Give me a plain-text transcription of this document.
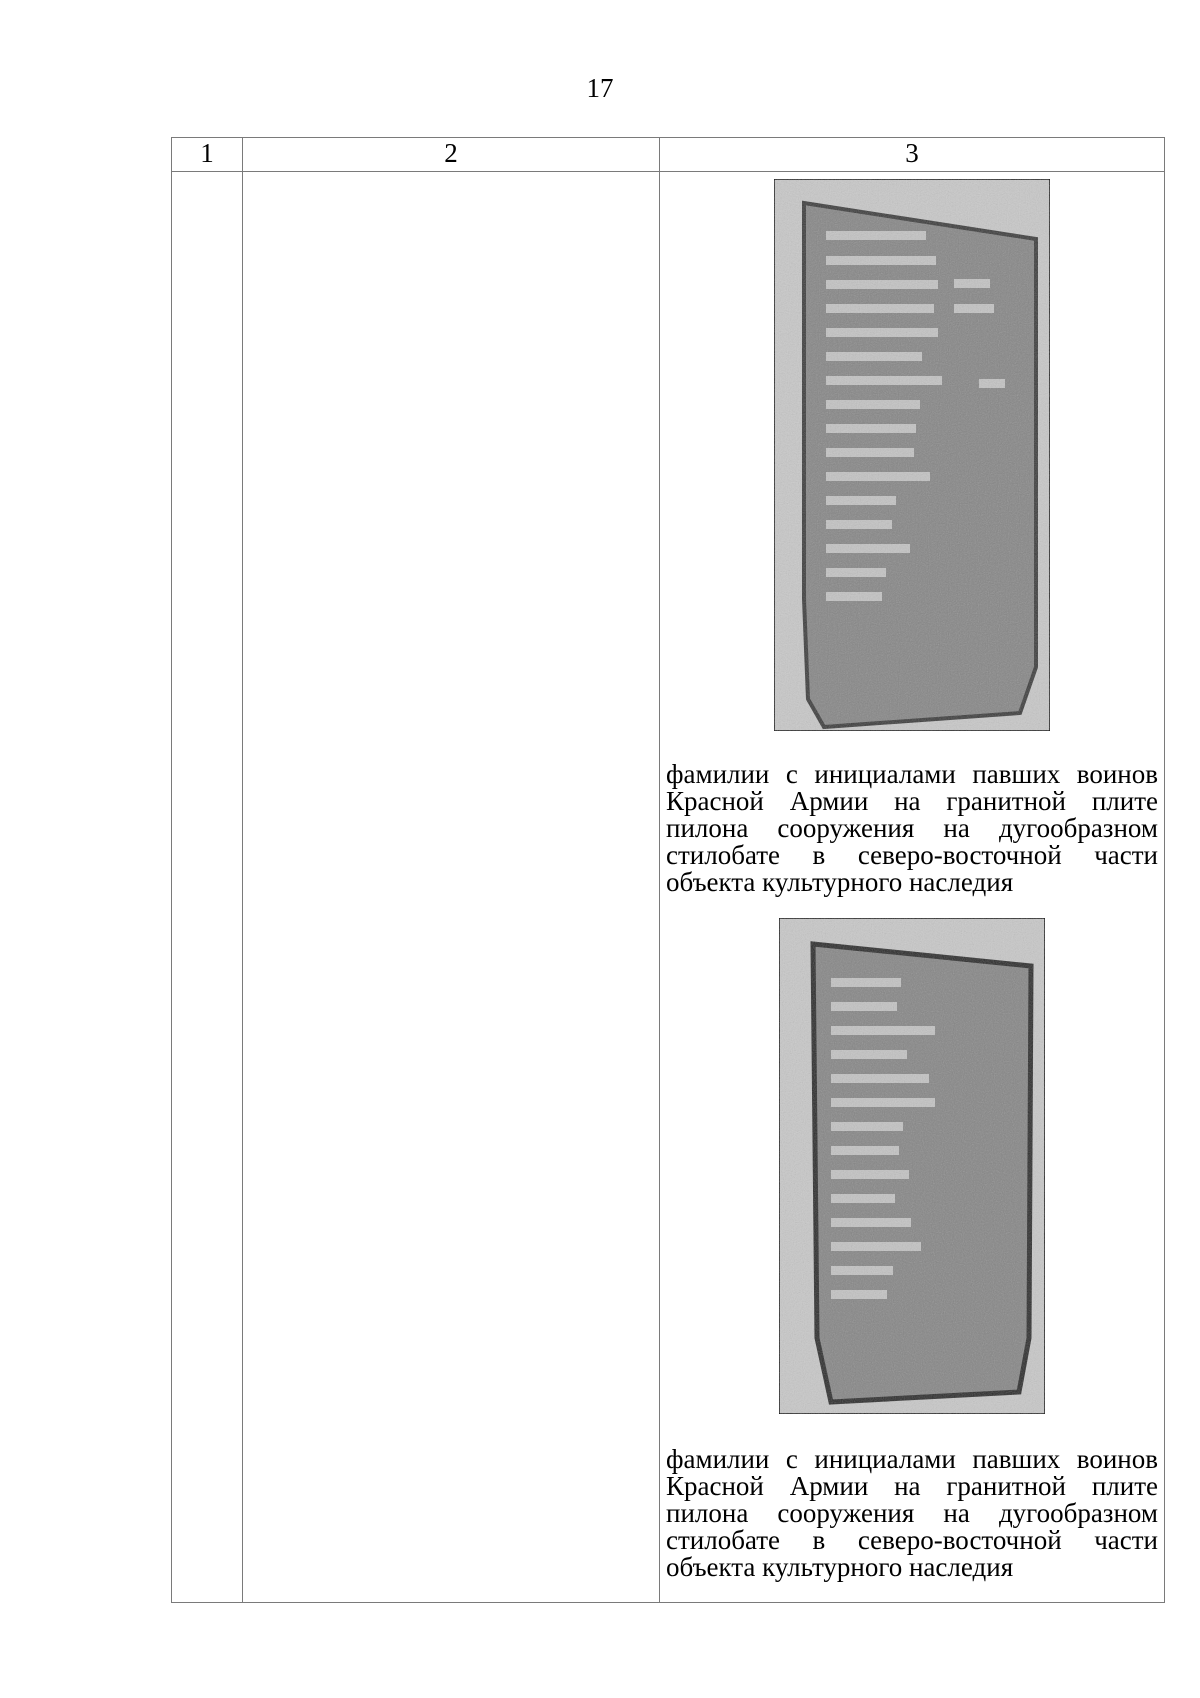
17
1	2	3

		фамилии с инициалами павших воинов Красной Армии на гранитной плите пилона сооружения на дугообразном стилобате в северо-восточной части объекта культурного наследия

фамилии с инициалами павших воинов Красной Армии на гранитной плите пилона сооружения на дугообразном стилобате в северо-восточной части объекта культурного наследия
